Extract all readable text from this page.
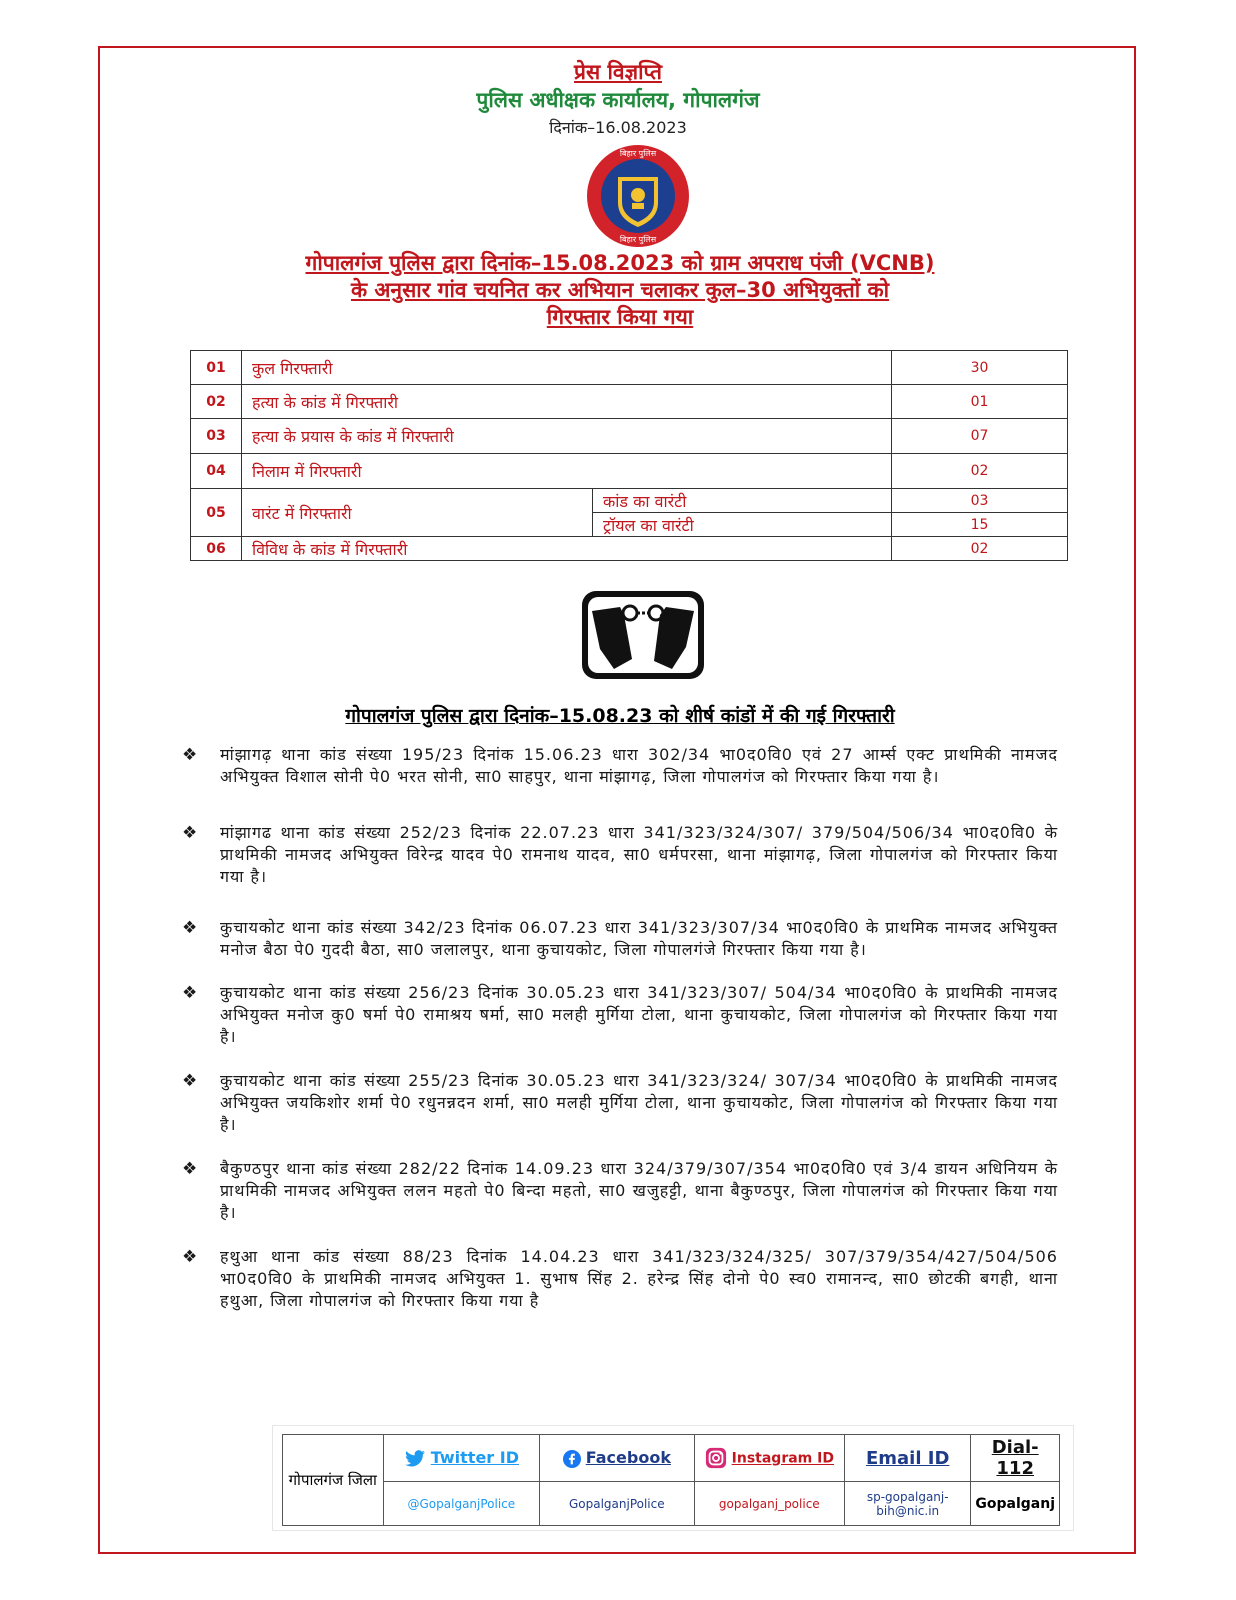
प्रेस विज्ञप्ति
पुलिस अधीक्षक कार्यालय, गोपालगंज
दिनांक–16.08.2023
बिहार पुलिस
बिहार पुलिस
गोपालगंज पुलिस द्वारा दिनांक–15.08.2023 को ग्राम अपराध पंजी (VCNB)
के अनुसार गांव चयनित कर अभियान चलाकर कुल–30 अभियुक्तों को
गिरफ्तार किया गया
01	कुल गिरफ्तारी		30
02	हत्या के कांड में गिरफ्तारी		01
03	हत्या के प्रयास के कांड में गिरफ्तारी		07
04	निलाम में गिरफ्तारी		02
05	वारंट में गिरफ्तारी	कांड का वारंटी	03
		ट्रॉयल का वारंटी	15
06	विविध के कांड में गिरफ्तारी		02
गोपालगंज पुलिस द्वारा दिनांक–15.08.23 को शीर्ष कांडों में की गई गिरफ्तारी
❖ मांझागढ़ थाना कांड संख्या 195/23 दिनांक 15.06.23 धारा 302/34 भा0द0वि0 एवं 27 आर्म्स एक्ट प्राथमिकी नामजद अभियुक्त विशाल सोनी पे0 भरत सोनी, सा0 साहपुर, थाना मांझागढ़, जिला गोपालगंज को गिरफ्तार किया गया है।
❖ मांझागढ थाना कांड संख्या 252/23 दिनांक 22.07.23 धारा 341/323/324/307/ 379/504/506/34 भा0द0वि0 के प्राथमिकी नामजद अभियुक्त विरेन्द्र यादव पे0 रामनाथ यादव, सा0 धर्मपरसा, थाना मांझागढ़, जिला गोपालगंज को गिरफ्तार किया गया है।
❖ कुचायकोट थाना कांड संख्या 342/23 दिनांक 06.07.23 धारा 341/323/307/34 भा0द0वि0 के प्राथमिक नामजद अभियुक्त मनोज बैठा पे0 गुददी बैठा, सा0 जलालपुर, थाना कुचायकोट, जिला गोपालगंजे गिरफ्तार किया गया है।
❖ कुचायकोट थाना कांड संख्या 256/23 दिनांक 30.05.23 धारा 341/323/307/ 504/34 भा0द0वि0 के प्राथमिकी नामजद अभियुक्त मनोज कु0 षर्मा पे0 रामाश्रय षर्मा, सा0 मलही मुर्गिया टोला, थाना कुचायकोट, जिला गोपालगंज को गिरफ्तार किया गया है।
❖ कुचायकोट थाना कांड संख्या 255/23 दिनांक 30.05.23 धारा 341/323/324/ 307/34 भा0द0वि0 के प्राथमिकी नामजद अभियुक्त जयकिशोर शर्मा पे0 रधुनन्नदन शर्मा, सा0 मलही मुर्गिया टोला, थाना कुचायकोट, जिला गोपालगंज को गिरफ्तार किया गया है।
❖ बैकुण्ठपुर थाना कांड संख्या 282/22 दिनांक 14.09.23 धारा 324/379/307/354 भा0द0वि0 एवं 3/4 डायन अधिनियम के प्राथमिकी नामजद अभियुक्त ललन महतो पे0 बिन्दा महतो, सा0 खजुहट्टी, थाना बैकुण्ठपुर, जिला गोपालगंज को गिरफ्तार किया गया है।
❖ हथुआ थाना कांड संख्या 88/23 दिनांक 14.04.23 धारा 341/323/324/325/ 307/379/354/427/504/506 भा0द0वि0 के प्राथमिकी नामजद अभियुक्त 1. सुभाष सिंह 2. हरेन्द्र सिंह दोनो पे0 स्व0 रामानन्द, सा0 छोटकी बगही, थाना हथुआ, जिला गोपालगंज को गिरफ्तार किया गया है
गोपालगंज जिला	Twitter ID	Facebook	Instagram ID	Email ID	Dial- 112
	@GopalganjPolice	GopalganjPolice	gopalganj_police	sp-gopalganj-bih@nic.in	Gopalganj
